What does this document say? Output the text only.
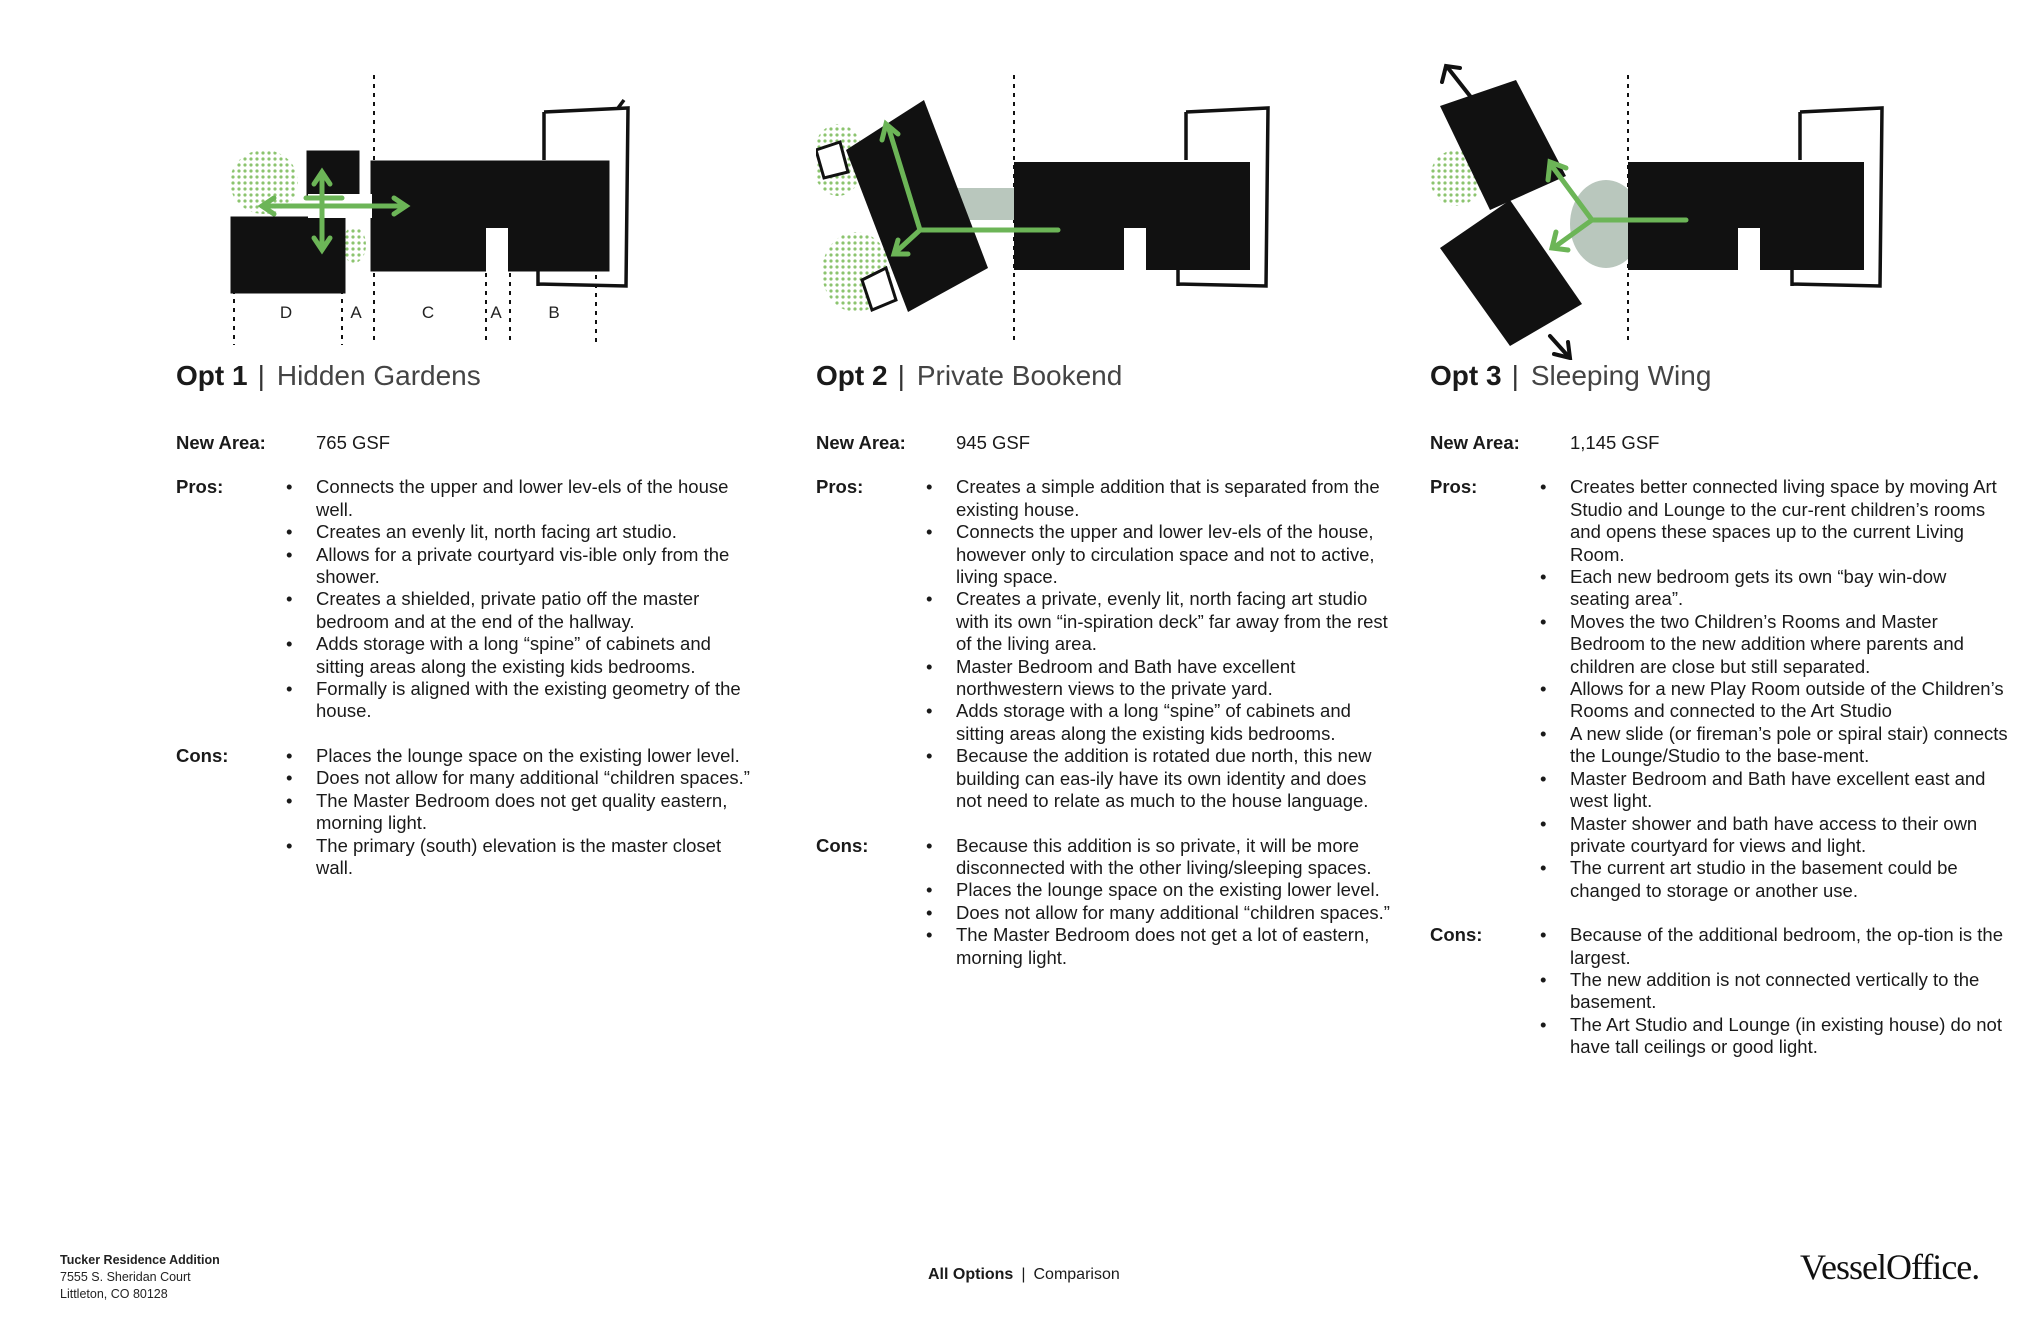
D	A	C	A	B
Opt 1 | Hidden Gardens
New Area:	765 GSF
Pros:	• Connects the upper and lower lev-els of the house well.
• Creates an evenly lit, north facing art studio.
• Allows for a private courtyard vis-ible only from the shower.
• Creates a shielded, private patio off the master bedroom and at the end of the hallway.
• Adds storage with a long “spine” of cabinets and sitting areas along the existing kids bedrooms.
• Formally is aligned with the existing geometry of the house.
Cons:	• Places the lounge space on the existing lower level.
• Does not allow for many additional “children spaces.”
• The Master Bedroom does not get quality eastern, morning light.
• The primary (south) elevation is the master closet wall.
Opt 2 | Private Bookend
New Area:	945 GSF
Pros:	• Creates a simple addition that is separated from the existing house.
• Connects the upper and lower lev-els of the house, however only to circulation space and not to active, living space.
• Creates a private, evenly lit, north facing art studio with its own “in-spiration deck” far away from the rest of the living area.
• Master Bedroom and Bath have excellent northwestern views to the private yard.
• Adds storage with a long “spine” of cabinets and sitting areas along the existing kids bedrooms.
• Because the addition is rotated due north, this new building can eas-ily have its own identity and does not need to relate as much to the house language.
Cons:	• Because this addition is so private, it will be more disconnected with the other living/sleeping spaces.
• Places the lounge space on the existing lower level.
• Does not allow for many additional “children spaces.”
• The Master Bedroom does not get a lot of eastern, morning light.
Opt 3 | Sleeping Wing
New Area:	1,145 GSF
Pros:	• Creates better connected living space by moving Art Studio and Lounge to the cur-rent children’s rooms and opens these spaces up to the current Living Room.
• Each new bedroom gets its own “bay win-dow seating area”.
• Moves the two Children’s Rooms and Master Bedroom to the new addition where parents and children are close but still separated.
• Allows for a new Play Room outside of the Children’s Rooms and connected to the Art Studio
• A new slide (or fireman’s pole or spiral stair) connects the Lounge/Studio to the base-ment.
• Master Bedroom and Bath have excellent east and west light.
• Master shower and bath have access to their own private courtyard for views and light.
• The current art studio in the basement could be changed to storage or another use.
Cons:	• Because of the additional bedroom, the op-tion is the largest.
• The new addition is not connected vertically to the basement.
• The Art Studio and Lounge (in existing house) do not have tall ceilings or good light.
Tucker Residence Addition
7555 S. Sheridan Court
Littleton, CO 80128
All Options | Comparison	VesselOffice.
